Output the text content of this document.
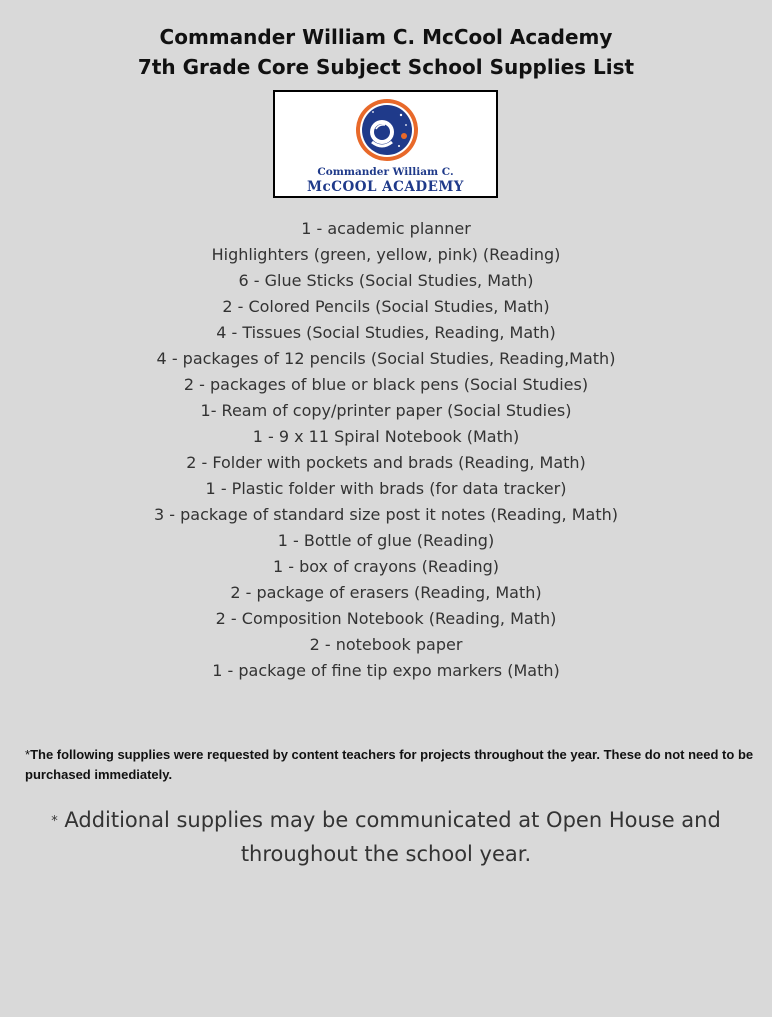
Commander William C. McCool Academy
7th Grade Core Subject School Supplies List
Commander William C.
McCOOL ACADEMY
1 - academic planner
Highlighters (green, yellow, pink) (Reading)
6 - Glue Sticks (Social Studies, Math)
2 - Colored Pencils (Social Studies, Math)
4 - Tissues (Social Studies, Reading, Math)
4 - packages of 12 pencils (Social Studies, Reading,Math)
2 - packages of blue or black pens (Social Studies)
1- Ream of copy/printer paper (Social Studies)
1 - 9 x 11 Spiral Notebook (Math)
2 - Folder with pockets and brads (Reading, Math)
1 - Plastic folder with brads (for data tracker)
3 - package of standard size post it notes (Reading, Math)
1 - Bottle of glue (Reading)
1 - box of crayons (Reading)
2 - package of erasers (Reading, Math)
2 - Composition Notebook (Reading, Math)
2 - notebook paper
1 - package of fine tip expo markers (Math)
*The following supplies were requested by content teachers for projects throughout the year. These do not need to be purchased immediately.
* Additional supplies may be communicated at Open House and throughout the school year.
